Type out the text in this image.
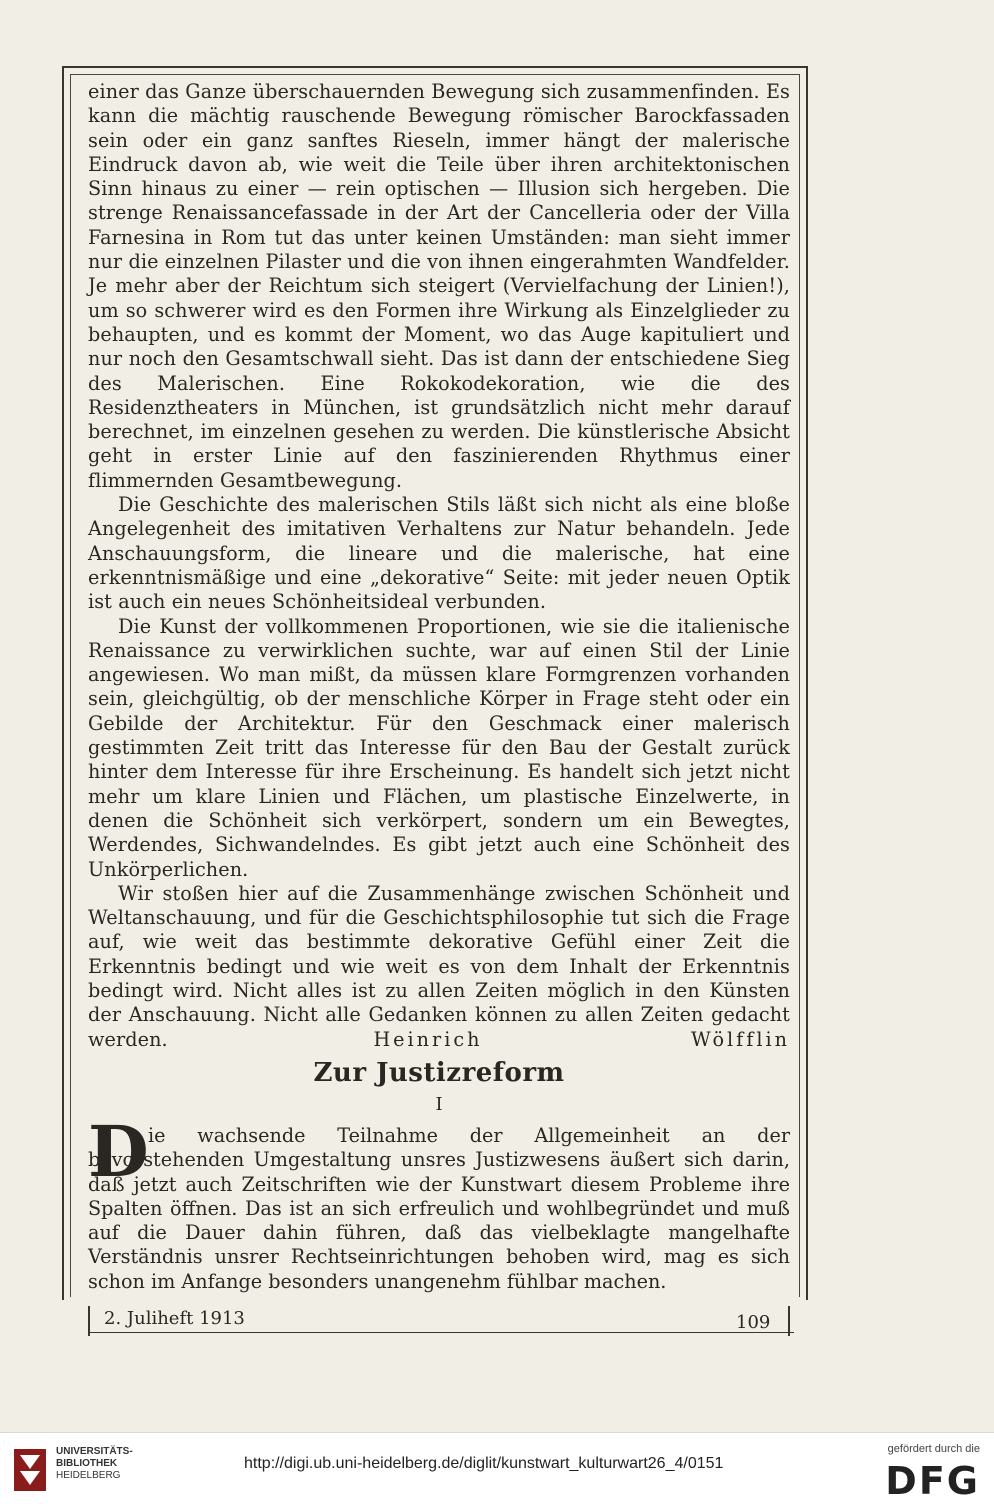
einer das Ganze überschauernden Bewegung sich zusammenfinden. Es kann die mächtig rauschende Bewegung römischer Barockfassaden sein oder ein ganz sanftes Rieseln, immer hängt der malerische Eindruck davon ab, wie weit die Teile über ihren architektonischen Sinn hinaus zu einer — rein optischen — Illusion sich hergeben. Die strenge Renaissancefassade in der Art der Cancelleria oder der Villa Farnesina in Rom tut das unter keinen Umständen: man sieht immer nur die einzelnen Pilaster und die von ihnen eingerahmten Wandfelder. Je mehr aber der Reichtum sich steigert (Vervielfachung der Linien!), um so schwerer wird es den Formen ihre Wirkung als Einzelglieder zu behaupten, und es kommt der Moment, wo das Auge kapituliert und nur noch den Gesamtschwall sieht. Das ist dann der entschiedene Sieg des Malerischen. Eine Rokokodekoration, wie die des Residenztheaters in München, ist grundsätzlich nicht mehr darauf berechnet, im einzelnen gesehen zu werden. Die künstlerische Absicht geht in erster Linie auf den faszinierenden Rhythmus einer flimmernden Gesamtbewegung.

Die Geschichte des malerischen Stils läßt sich nicht als eine bloße Angelegenheit des imitativen Verhaltens zur Natur behandeln. Jede Anschauungsform, die lineare und die malerische, hat eine erkenntnismäßige und eine „dekorative“ Seite: mit jeder neuen Optik ist auch ein neues Schönheitsideal verbunden.

Die Kunst der vollkommenen Proportionen, wie sie die italienische Renaissance zu verwirklichen suchte, war auf einen Stil der Linie angewiesen. Wo man mißt, da müssen klare Formgrenzen vorhanden sein, gleichgültig, ob der menschliche Körper in Frage steht oder ein Gebilde der Architektur. Für den Geschmack einer malerisch gestimmten Zeit tritt das Interesse für den Bau der Gestalt zurück hinter dem Interesse für ihre Erscheinung. Es handelt sich jetzt nicht mehr um klare Linien und Flächen, um plastische Einzelwerte, in denen die Schönheit sich verkörpert, sondern um ein Bewegtes, Werdendes, Sichwandelndes. Es gibt jetzt auch eine Schönheit des Unkörperlichen.

Wir stoßen hier auf die Zusammenhänge zwischen Schönheit und Weltanschauung, und für die Geschichtsphilosophie tut sich die Frage auf, wie weit das bestimmte dekorative Gefühl einer Zeit die Erkenntnis bedingt und wie weit es von dem Inhalt der Erkenntnis bedingt wird. Nicht alles ist zu allen Zeiten möglich in den Künsten der Anschauung. Nicht alle Gedanken können zu allen Zeiten gedacht werden.	Heinrich Wölfflin

Zur Justizreform
I
D ie wachsende Teilnahme der Allgemeinheit an der bevorstehenden Umgestaltung unsres Justizwesens äußert sich darin, daß jetzt auch Zeitschriften wie der Kunstwart diesem Probleme ihre Spalten öffnen. Das ist an sich erfreulich und wohlbegründet und muß auf die Dauer dahin führen, daß das vielbeklagte mangelhafte Verständnis unsrer Rechtseinrichtungen behoben wird, mag es sich schon im Anfange besonders unangenehm fühlbar machen.

2. Juliheft 1913	109
UNIVERSITÄTS-
BIBLIOTHEK
HEIDELBERG
http://digi.ub.uni-heidelberg.de/diglit/kunstwart_kulturwart26_4/0151
gefördert durch die
DFG
